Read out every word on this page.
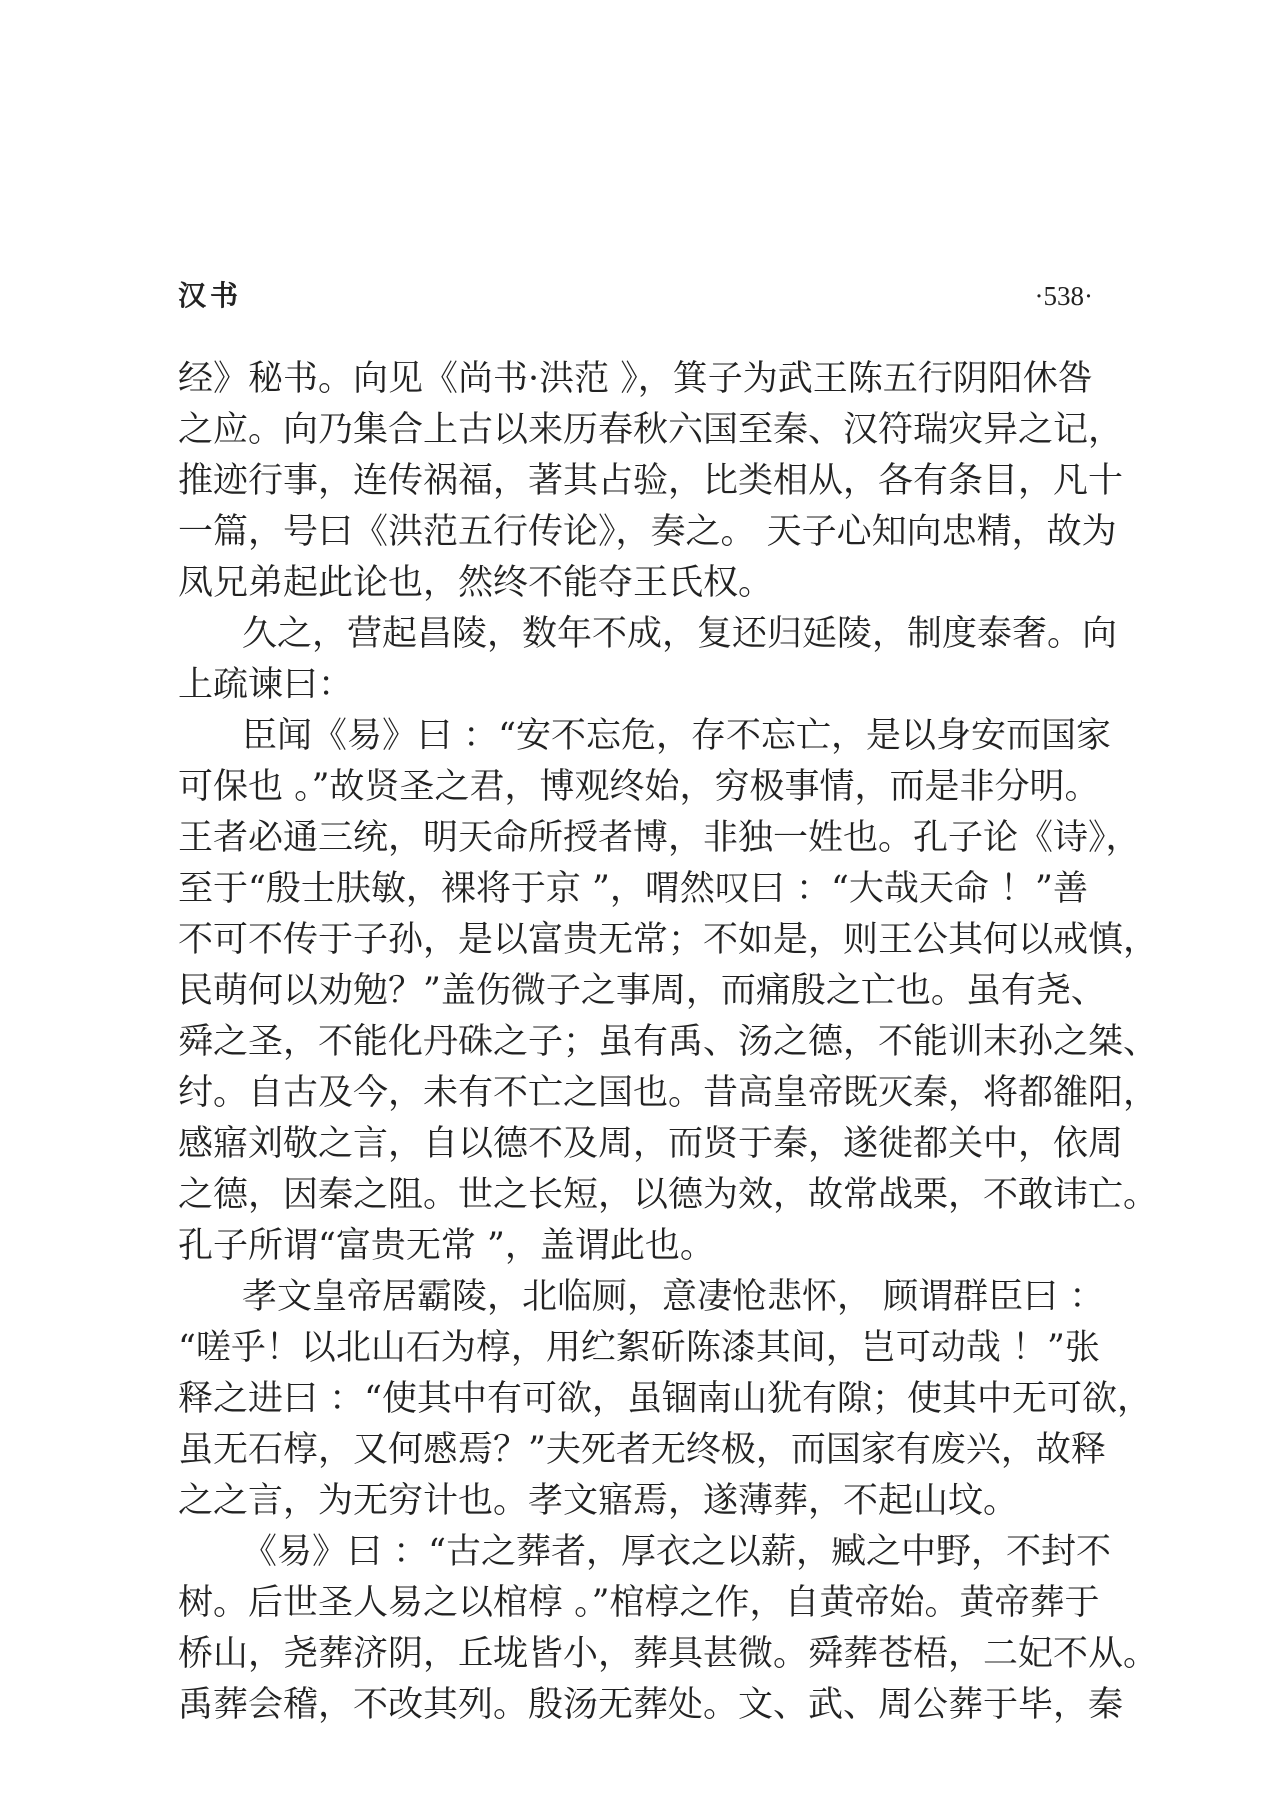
汉书	·538·
经》秘书。向见《尚书·洪范 》，箕子为武王陈五行阴阳休咎
之应。向乃集合上古以来历春秋六国至秦、汉符瑞灾异之记，
推迹行事，连传祸福，著其占验，比类相从，各有条目，凡十
一篇，号曰《洪范五行传论》，奏之。 天子心知向忠精，故为
凤兄弟起此论也，然终不能夺王氏权。
久之，营起昌陵，数年不成，复还归延陵，制度泰奢。向
上疏谏曰：
臣闻《易》曰 ：“安不忘危，存不忘亡，是以身安而国家
可保也 。”故贤圣之君，博观终始，穷极事情，而是非分明。
王者必通三统，明天命所授者博，非独一姓也。孔子论《诗》，
至于“殷士肤敏，裸将于京 ”，喟然叹曰 ：“大哉天命 ！”善
不可不传于子孙，是以富贵无常；不如是，则王公其何以戒慎，
民萌何以劝勉？”盖伤微子之事周，而痛殷之亡也。虽有尧、
舜之圣，不能化丹硃之子；虽有禹、汤之德，不能训末孙之桀、
纣。自古及今，未有不亡之国也。昔高皇帝既灭秦，将都雒阳，
感寤刘敬之言，自以德不及周，而贤于秦，遂徙都关中，依周
之德，因秦之阻。世之长短，以德为效，故常战栗，不敢讳亡。
孔子所谓“富贵无常 ”，盖谓此也。
孝文皇帝居霸陵，北临厕，意凄怆悲怀， 顾谓群臣曰 ：
“嗟乎！以北山石为椁，用纻絮斫陈漆其间，岂可动哉 ！”张
释之进曰 ：“使其中有可欲，虽锢南山犹有隙；使其中无可欲，
虽无石椁，又何慼焉？”夫死者无终极，而国家有废兴，故释
之之言，为无穷计也。孝文寤焉，遂薄葬，不起山坟。
《易》曰 ：“古之葬者，厚衣之以薪，臧之中野，不封不
树。后世圣人易之以棺椁 。”棺椁之作，自黄帝始。黄帝葬于
桥山，尧葬济阴，丘垅皆小，葬具甚微。舜葬苍梧，二妃不从。
禹葬会稽，不改其列。殷汤无葬处。文、武、周公葬于毕，秦
